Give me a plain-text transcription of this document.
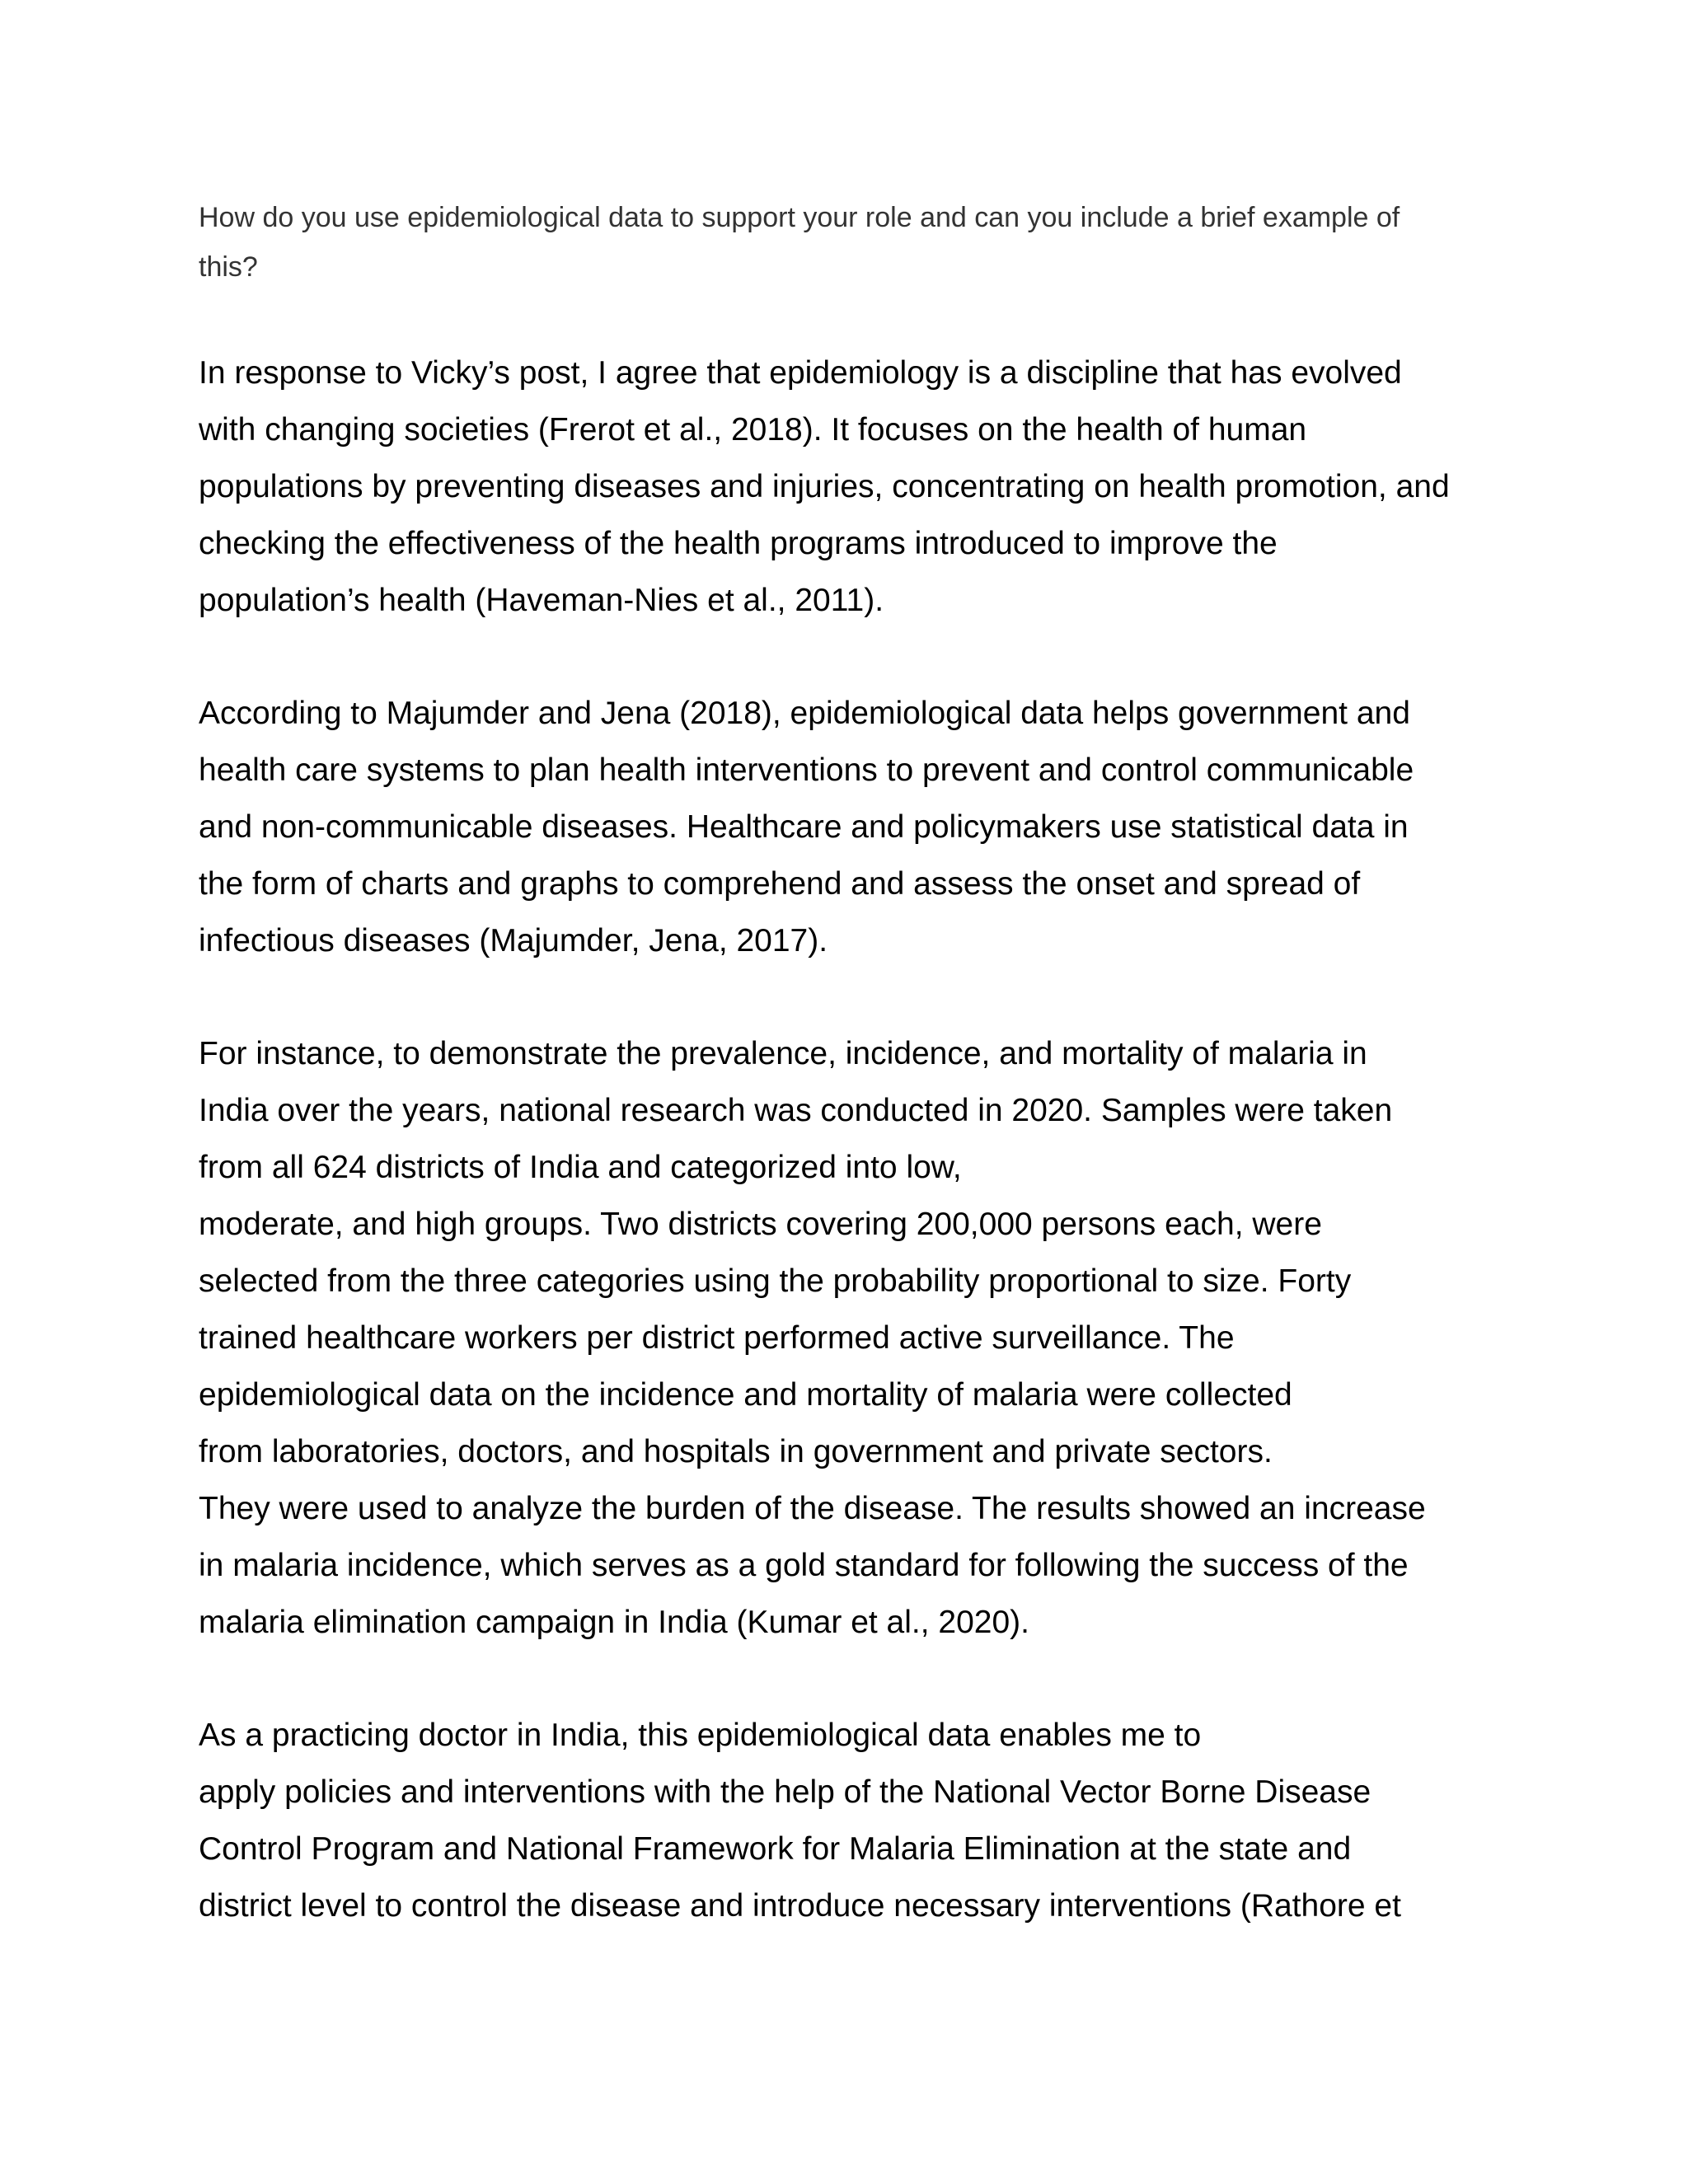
How do you use epidemiological data to support your role and can you include a brief example of
this?

In response to Vicky’s post, I agree that epidemiology is a discipline that has evolved
with changing societies (Frerot et al., 2018). It focuses on the health of human
populations by preventing diseases and injuries, concentrating on health promotion, and
checking the effectiveness of the health programs introduced to improve the
population’s health (Haveman-Nies et al., 2011).

According to Majumder and Jena (2018), epidemiological data helps government and
health care systems to plan health interventions to prevent and control communicable
and non-communicable diseases. Healthcare and policymakers use statistical data in
the form of charts and graphs to comprehend and assess the onset and spread of
infectious diseases (Majumder, Jena, 2017).

For instance, to demonstrate the prevalence, incidence, and mortality of malaria in
India over the years, national research was conducted in 2020. Samples were taken
from all 624 districts of India and categorized into low,
moderate, and high groups. Two districts covering 200,000 persons each, were
selected from the three categories using the probability proportional to size. Forty
trained healthcare workers per district performed active surveillance. The
epidemiological data on the incidence and mortality of malaria were collected
from laboratories, doctors, and hospitals in government and private sectors.
They were used to analyze the burden of the disease. The results showed an increase
in malaria incidence, which serves as a gold standard for following the success of the
malaria elimination campaign in India (Kumar et al., 2020).

As a practicing doctor in India, this epidemiological data enables me to
apply policies and interventions with the help of the National Vector Borne Disease
Control Program and National Framework for Malaria Elimination at the state and
district level to control the disease and introduce necessary interventions (Rathore et
